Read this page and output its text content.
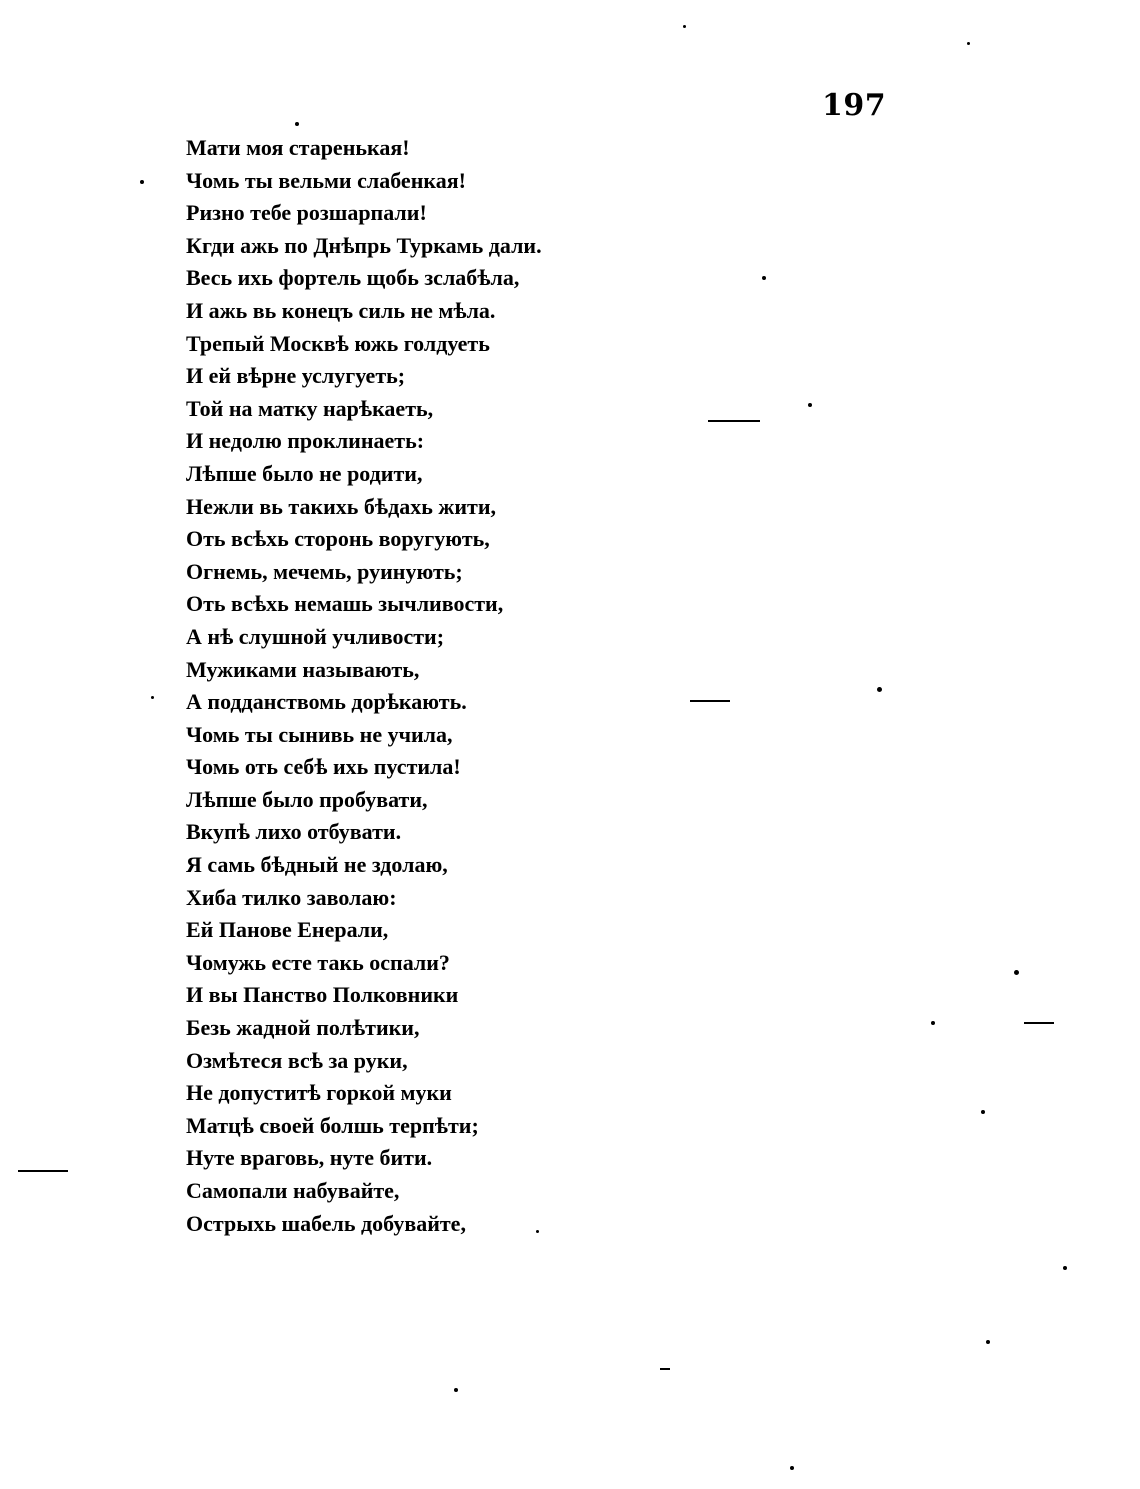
197
Мати моя старенькая!
Чомь ты вельми слабенкая!
Ризно тебе розшарпали!
Кгди ажь по Днѣпрь Туркамь дали.
Весь ихь фортель щобь зслабѣла,
И ажь вь конецъ силь не мѣла.
Трепый Москвѣ южь голдуеть
И ей вѣрне услугуеть;
Той на матку нарѣкаеть,
И недолю проклинаеть:
Лѣпше было не родити,
Нежли вь такихь бѣдахь жити,
Оть всѣхь сторонь воругують,
Огнемь, мечемь, руинують;
Оть всѣхь немашь зычливости,
А нѣ слушной учливости;
Мужиками называють,
А подданствомь дорѣкають.
Чомь ты сынивь не учила,
Чомь оть себѣ ихь пустила!
Лѣпше было пробувати,
Вкупѣ лихо отбувати.
Я самь бѣдный не здолаю,
Хиба тилко заволаю:
Ей Панове Енерали,
Чомужь есте такь оспали?
И вы Панство Полковники
Безь жадной полѣтики,
Озмѣтеся всѣ за руки,
Не допуститѣ горкой муки
Матцѣ своей болшь терпѣти;
Нуте враговь, нуте бити.
Самопали набувайте,
Острыхь шабель добувайте,
